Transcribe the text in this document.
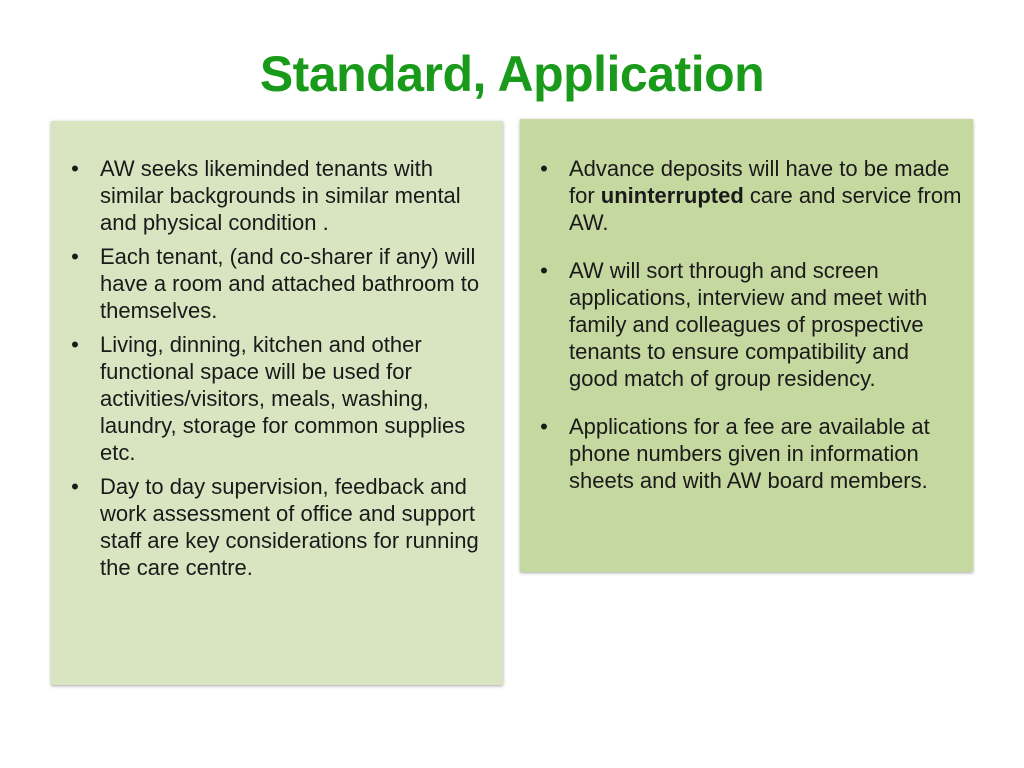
Standard, Application
• AW seeks likeminded tenants with similar backgrounds in similar mental and physical condition .
• Each tenant, (and co-sharer if any) will have a room and attached bathroom to themselves.
• Living, dinning, kitchen and other functional space will be used for activities/visitors, meals, washing, laundry, storage for common supplies etc.
• Day to day supervision, feedback and work assessment of office and support staff are key considerations for running the care centre.
• Advance deposits will have to be made for uninterrupted care and service from AW.
• AW will sort through and screen applications, interview and meet with family and colleagues of prospective tenants to ensure compatibility and good match of group residency.
• Applications for a fee are available at phone numbers given in information sheets and with AW board members.
